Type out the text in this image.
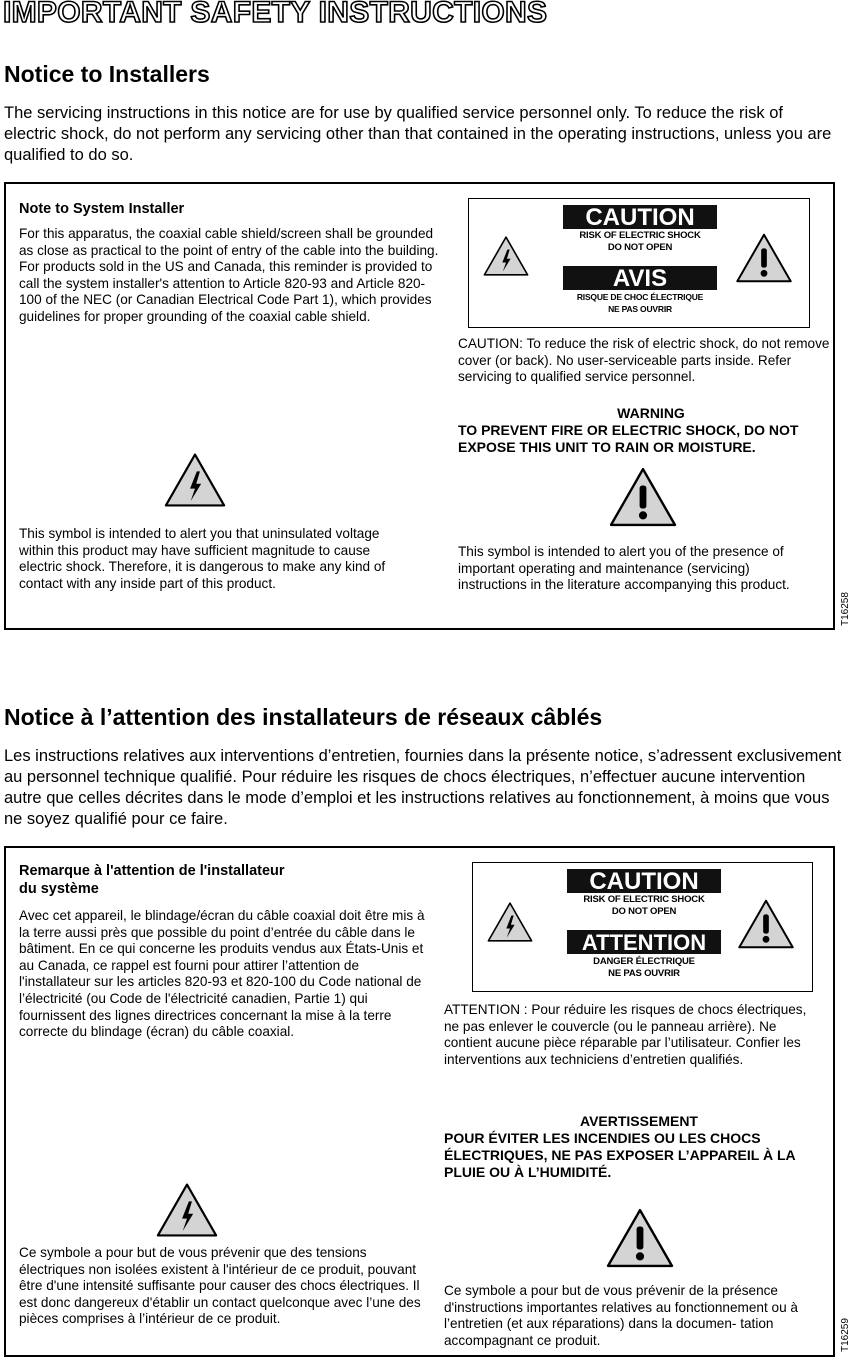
IMPORTANT SAFETY INSTRUCTIONS
Notice to Installers
The servicing instructions in this notice are for use by qualified service personnel only. To reduce the risk of electric shock, do not perform any servicing other than that contained in the operating instructions, unless you are qualified to do so.
Note to System Installer
For this apparatus, the coaxial cable shield/screen shall be grounded as close as practical to the point of entry of the cable into the building. For products sold in the US and Canada, this reminder is provided to call the system installer's attention to Article 820-93 and Article 820-100 of the NEC (or Canadian Electrical Code Part 1), which provides guidelines for proper grounding of the coaxial cable shield.
This symbol is intended to alert you that uninsulated voltage within this product may have sufficient magnitude to cause electric shock. Therefore, it is dangerous to make any kind of contact with any inside part of this product.
CAUTION
RISK OF ELECTRIC SHOCK
DO NOT OPEN
AVIS
RISQUE DE CHOC ÉLECTRIQUE
NE PAS OUVRIR
CAUTION: To reduce the risk of electric shock, do not remove cover (or back). No user-serviceable parts inside. Refer servicing to qualified service personnel.
WARNING
TO PREVENT FIRE OR ELECTRIC SHOCK, DO NOT EXPOSE THIS UNIT TO RAIN OR MOISTURE.
This symbol is intended to alert you of the presence of important operating and maintenance (servicing) instructions in the literature accompanying this product.
T16258
Notice à l’attention des installateurs de réseaux câblés
Les instructions relatives aux interventions d’entretien, fournies dans la présente notice, s’adressent exclusivement au personnel technique qualifié. Pour réduire les risques de chocs électriques, n’effectuer aucune intervention autre que celles décrites dans le mode d’emploi et les instructions relatives au fonctionnement, à moins que vous ne soyez qualifié pour ce faire.
Remarque à l'attention de l'installateur
du système
Avec cet appareil, le blindage/écran du câble coaxial doit être mis à la terre aussi près que possible du point d’entrée du câble dans le bâtiment. En ce qui concerne les produits vendus aux États-Unis et au Canada, ce rappel est fourni pour attirer l’attention de l'installateur sur les articles 820-93 et 820-100 du Code national de l’électricité (ou Code de l'électricité canadien, Partie 1) qui fournissent des lignes directrices concernant la mise à la terre correcte du blindage (écran) du câble coaxial.
Ce symbole a pour but de vous prévenir que des tensions électriques non isolées existent à l'intérieur de ce produit, pouvant être d'une intensité suffisante pour causer des chocs électriques. Il est donc dangereux d'établir un contact quelconque avec l’une des pièces comprises à l’intérieur de ce produit.
CAUTION
RISK OF ELECTRIC SHOCK
DO NOT OPEN
ATTENTION
DANGER ÉLECTRIQUE
NE PAS OUVRIR
ATTENTION : Pour réduire les risques de chocs électriques, ne pas enlever le couvercle (ou le panneau arrière). Ne contient aucune pièce réparable par l’utilisateur. Confier les interventions aux techniciens d’entretien qualifiés.
AVERTISSEMENT
POUR ÉVITER LES INCENDIES OU LES CHOCS ÉLECTRIQUES, NE PAS EXPOSER L’APPAREIL À LA PLUIE OU À L’HUMIDITÉ.
Ce symbole a pour but de vous prévenir de la présence d'instructions importantes relatives au fonctionnement ou à l’entretien (et aux réparations) dans la documen- tation accompagnant ce produit.	T16259
